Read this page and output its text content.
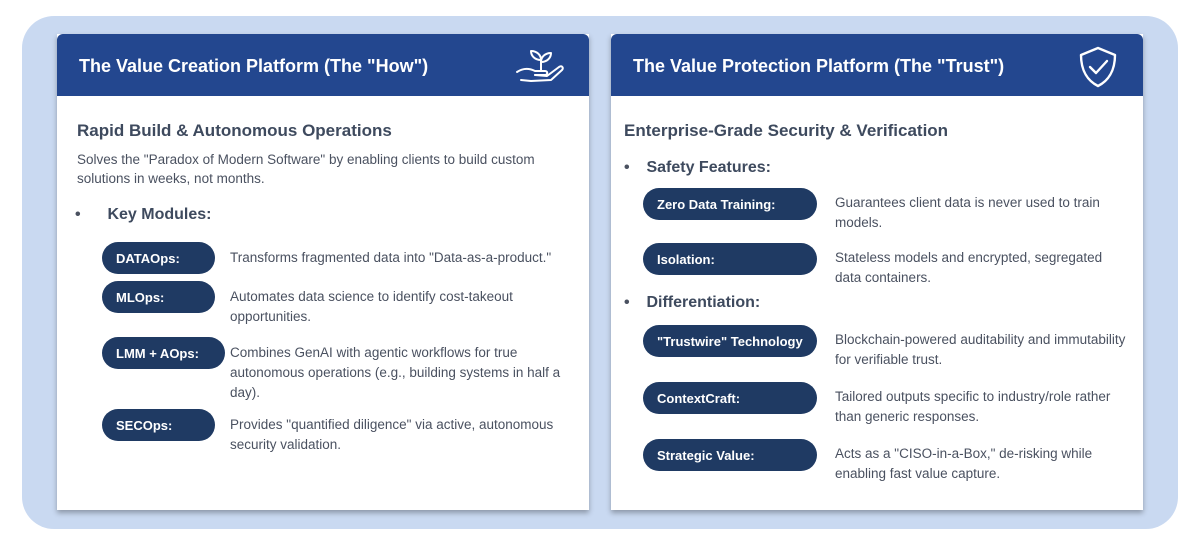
The Value Creation Platform (The "How")
Rapid Build & Autonomous Operations
Solves the "Paradox of Modern Software" by enabling clients to build custom solutions in weeks, not months.
• Key Modules:
DATAOps:	Transforms fragmented data into "Data-as-a-product."
MLOps:	Automates data science to identify cost-takeout opportunities.
LMM + AOps:	Combines GenAI with agentic workflows for true autonomous operations (e.g., building systems in half a day).
SECOps:	Provides "quantified diligence" via active, autonomous security validation.
The Value Protection Platform (The "Trust")
Enterprise-Grade Security & Verification
• Safety Features:
Zero Data Training:	Guarantees client data is never used to train models.
Isolation:	Stateless models and encrypted, segregated data containers.
• Differentiation:
"Trustwire" Technology	Blockchain-powered auditability and immutability for verifiable trust.
ContextCraft:	Tailored outputs specific to industry/role rather than generic responses.
Strategic Value:	Acts as a "CISO-in-a-Box," de-risking while enabling fast value capture.
